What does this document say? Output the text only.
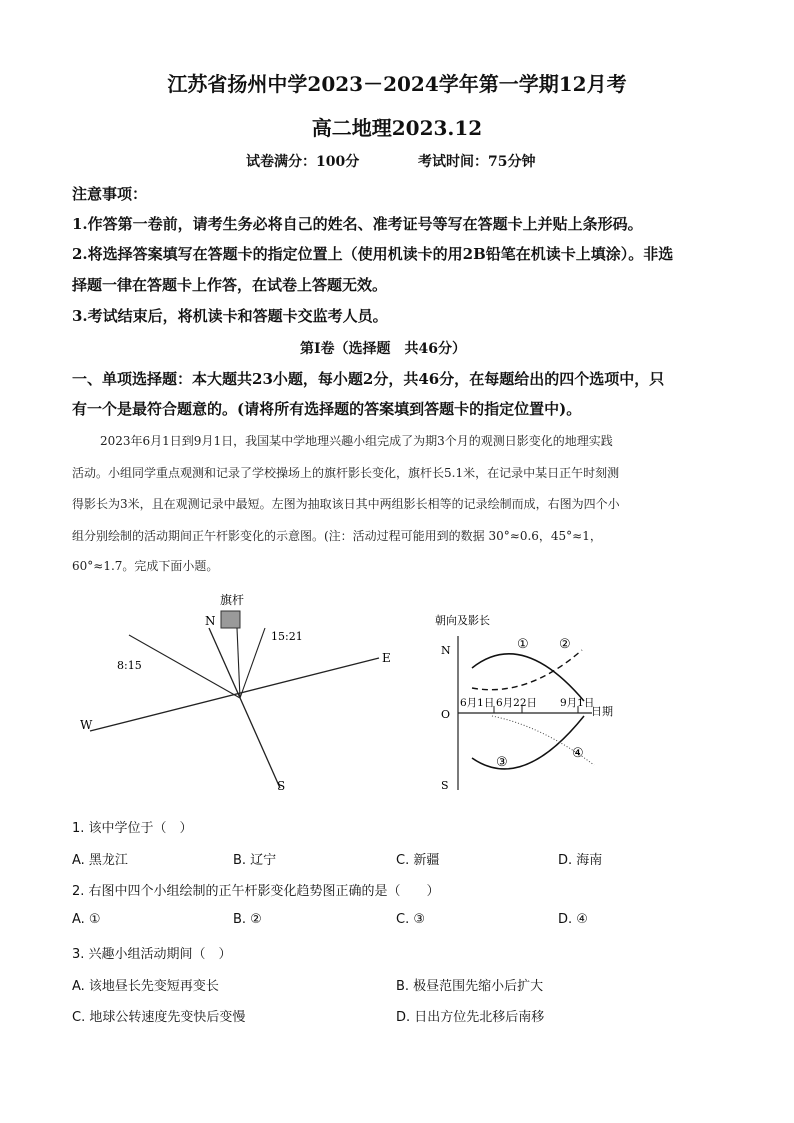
江苏省扬州中学2023－2024学年第一学期12月考
高二地理2023.12
试卷满分：100分	考试时间：75分钟
注意事项：
1.作答第一卷前，请考生务必将自己的姓名、准考证号等写在答题卡上并贴上条形码。
2.将选择答案填写在答题卡的指定位置上（使用机读卡的用2B铅笔在机读卡上填涂）。非选
择题一律在答题卡上作答，在试卷上答题无效。
3.考试结束后，将机读卡和答题卡交监考人员。
第Ⅰ卷（选择题　共46分）
一、单项选择题：本大题共23小题，每小题2分，共46分，在每题给出的四个选项中，只
有一个是最符合题意的。(请将所有选择题的答案填到答题卡的指定位置中)。
2023年6月1日到9月1日，我国某中学地理兴趣小组完成了为期3个月的观测日影变化的地理实践
活动。小组同学重点观测和记录了学校操场上的旗杆影长变化，旗杆长5.1米，在记录中某日正午时刻测
得影长为3米，且在观测记录中最短。左图为抽取该日其中两组影长相等的记录绘制而成，右图为四个小
组分别绘制的活动期间正午杆影变化的示意图。(注：活动过程可能用到的数据 30°≈0.6，45°≈1，
60°≈1.7。完成下面小题。
旗杆
N
E
S
W
8:15
15:21
朝向及影长
N
O
S
6月1日 6月22日 9月1日
日期
① ②
③
④
1. 该中学位于（　）
A. 黑龙江	B. 辽宁	C. 新疆	D. 海南
2. 右图中四个小组绘制的正午杆影变化趋势图正确的是（　　）
A. ①	B. ②	C. ③	D. ④
3. 兴趣小组活动期间（　）
A. 该地昼长先变短再变长	B. 极昼范围先缩小后扩大
C. 地球公转速度先变快后变慢	D. 日出方位先北移后南移
